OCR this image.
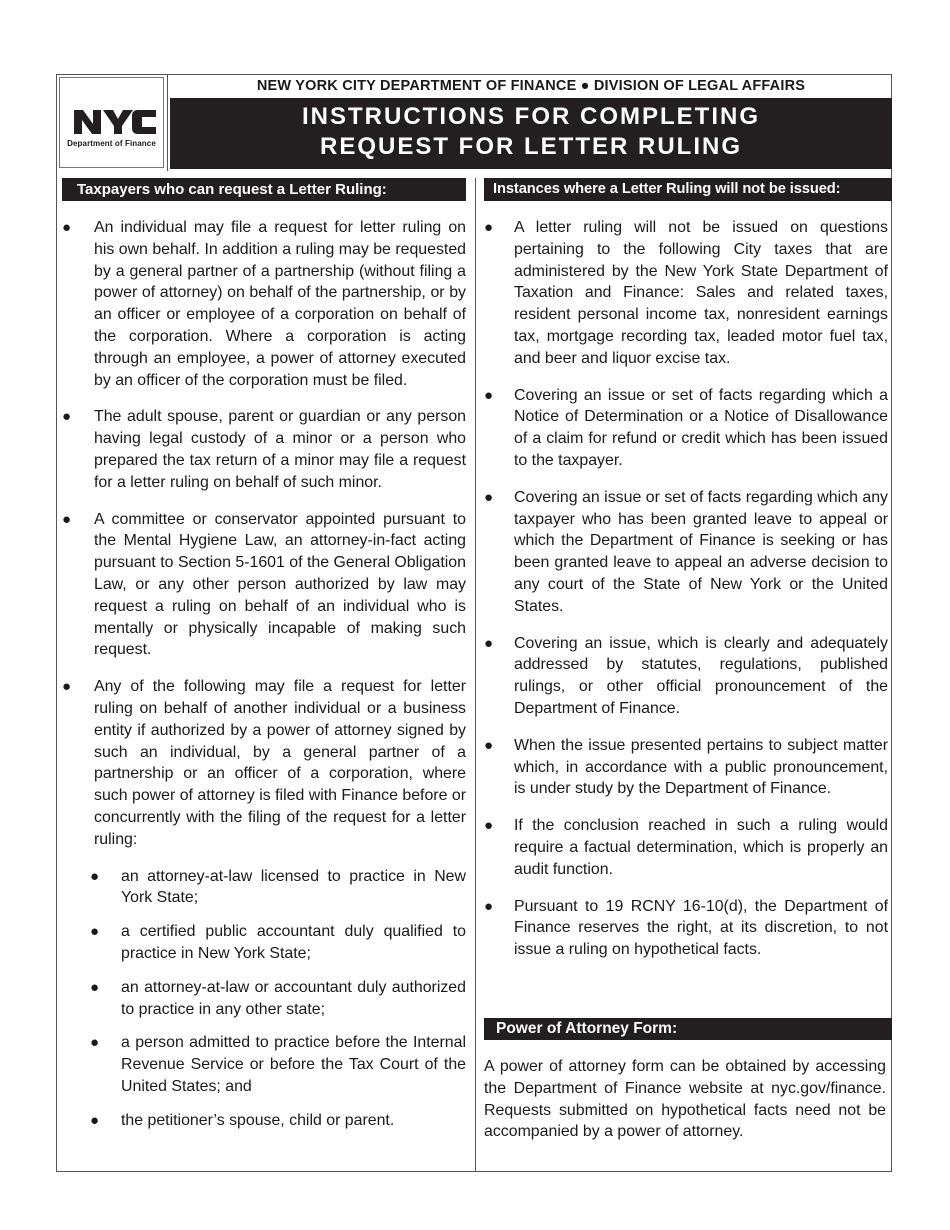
Department of Finance
NEW YORK CITY DEPARTMENT OF FINANCE ● DIVISION OF LEGAL AFFAIRS
INSTRUCTIONS FOR COMPLETING
REQUEST FOR LETTER RULING
Taxpayers who can request a Letter Ruling:	Instances where a Letter Ruling will not be issued:
● An individual may file a request for letter ruling on his own behalf. In addition a ruling may be requested by a general partner of a partnership (without filing a power of attorney) on behalf of the partnership, or by an officer or employee of a corporation on behalf of the corporation. Where a corporation is acting through an employee, a power of attorney executed by an officer of the corporation must be filed.
● The adult spouse, parent or guardian or any person having legal custody of a minor or a person who prepared the tax return of a minor may file a request for a letter ruling on behalf of such minor.
● A committee or conservator appointed pursuant to the Mental Hygiene Law, an attorney-in-fact acting pursuant to Section 5-1601 of the General Obligation Law, or any other person authorized by law may request a ruling on behalf of an individual who is mentally or physically incapable of making such request.
● Any of the following may file a request for letter ruling on behalf of another individual or a business entity if authorized by a power of attorney signed by such an individual, by a general partner of a partnership or an officer of a corporation, where such power of attorney is filed with Finance before or concurrently with the filing of the request for a letter ruling:
● an attorney-at-law licensed to practice in New York State;
● a certified public accountant duly qualified to practice in New York State;
● an attorney-at-law or accountant duly authorized to practice in any other state;
● a person admitted to practice before the Internal Revenue Service or before the Tax Court of the United States; and
● the petitioner’s spouse, child or parent.
● A letter ruling will not be issued on questions pertaining to the following City taxes that are administered by the New York State Department of Taxation and Finance: Sales and related taxes, resident personal income tax, nonresident earnings tax, mortgage recording tax, leaded motor fuel tax, and beer and liquor excise tax.
● Covering an issue or set of facts regarding which a Notice of Determination or a Notice of Disallowance of a claim for refund or credit which has been issued to the taxpayer.
● Covering an issue or set of facts regarding which any taxpayer who has been granted leave to appeal or which the Department of Finance is seeking or has been granted leave to appeal an adverse decision to any court of the State of New York or the United States.
● Covering an issue, which is clearly and adequately addressed by statutes, regulations, published rulings, or other official pronouncement of the Department of Finance.
● When the issue presented pertains to subject matter which, in accordance with a public pronouncement, is under study by the Department of Finance.
● If the conclusion reached in such a ruling would require a factual determination, which is properly an audit function.
● Pursuant to 19 RCNY 16-10(d), the Department of Finance reserves the right, at its discretion, to not issue a ruling on hypothetical facts.
Power of Attorney Form:
A power of attorney form can be obtained by accessing the Department of Finance website at nyc.gov/finance. Requests submitted on hypothetical facts need not be accompanied by a power of attorney.
